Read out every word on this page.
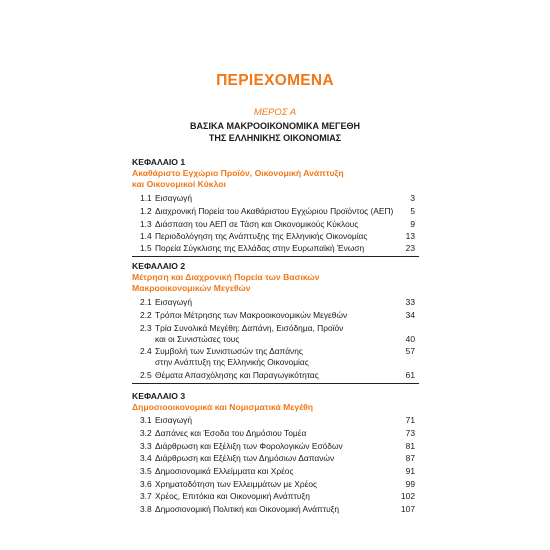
ΠΕΡΙΕΧΟΜΕΝΑ
ΜΕΡΟΣ Α
ΒΑΣΙΚΑ ΜΑΚΡΟΟΙΚΟΝΟΜΙΚΑ ΜΕΓΕΘΗ
ΤΗΣ ΕΛΛΗΝΙΚΗΣ ΟΙΚΟΝΟΜΙΑΣ
ΚΕΦΑΛΑΙΟ 1
Ακαθάριστο Εγχώριο Προϊόν, Οικονομική Ανάπτυξη
και Οικονομικοί Κύκλοι
1.1 Εισαγωγή	3
1.2 Διαχρονική Πορεία του Ακαθάριστου Εγχώριου Προϊόντος (ΑΕΠ) 5
1.3 Διάσπαση του ΑΕΠ σε Τάση και Οικονομικούς Κύκλους	9
1.4 Περιοδολόγηση της Ανάπτυξης της Ελληνικής Οικονομίας	13
1.5 Πορεία Σύγκλισης της Ελλάδας στην Ευρωπαϊκή Ένωση	23
ΚΕΦΑΛΑΙΟ 2
Μέτρηση και Διαχρονική Πορεία των Βασικών
Μακροοικονομικών Μεγεθών
2.1 Εισαγωγή	33
2.2 Τρόποι Μέτρησης των Μακροοικονομικών Μεγεθών	34
2.3 Τρία Συνολικά Μεγέθη: Δαπάνη, Εισόδημα, Προϊόν
και οι Συνιστώσες τους	40
2.4 Συμβολή των Συνιστωσών της Δαπάνης	57
στην Ανάπτυξη της Ελληνικής Οικονομίας
2.5 Θέματα Απασχόλησης και Παραγωγικότητας	61
ΚΕΦΑΛΑΙΟ 3
Δημοσιοοικονομικά και Νομισματικά Μεγέθη
3.1 Εισαγωγή	71
3.2 Δαπάνες και Έσοδα του Δημόσιου Τομέα	73
3.3 Διάρθρωση και Εξέλιξη των Φορολογικών Εσόδων	81
3.4 Διάρθρωση και Εξέλιξη των Δημόσιων Δαπανών	87
3.5 Δημοσιονομικά Ελλείμματα και Χρέος	91
3.6 Χρηματοδότηση των Ελλειμμάτων με Χρέος	99
3.7 Χρέος, Επιτόκια και Οικονομική Ανάπτυξη	102
3.8 Δημοσιονομική Πολιτική και Οικονομική Ανάπτυξη	107
